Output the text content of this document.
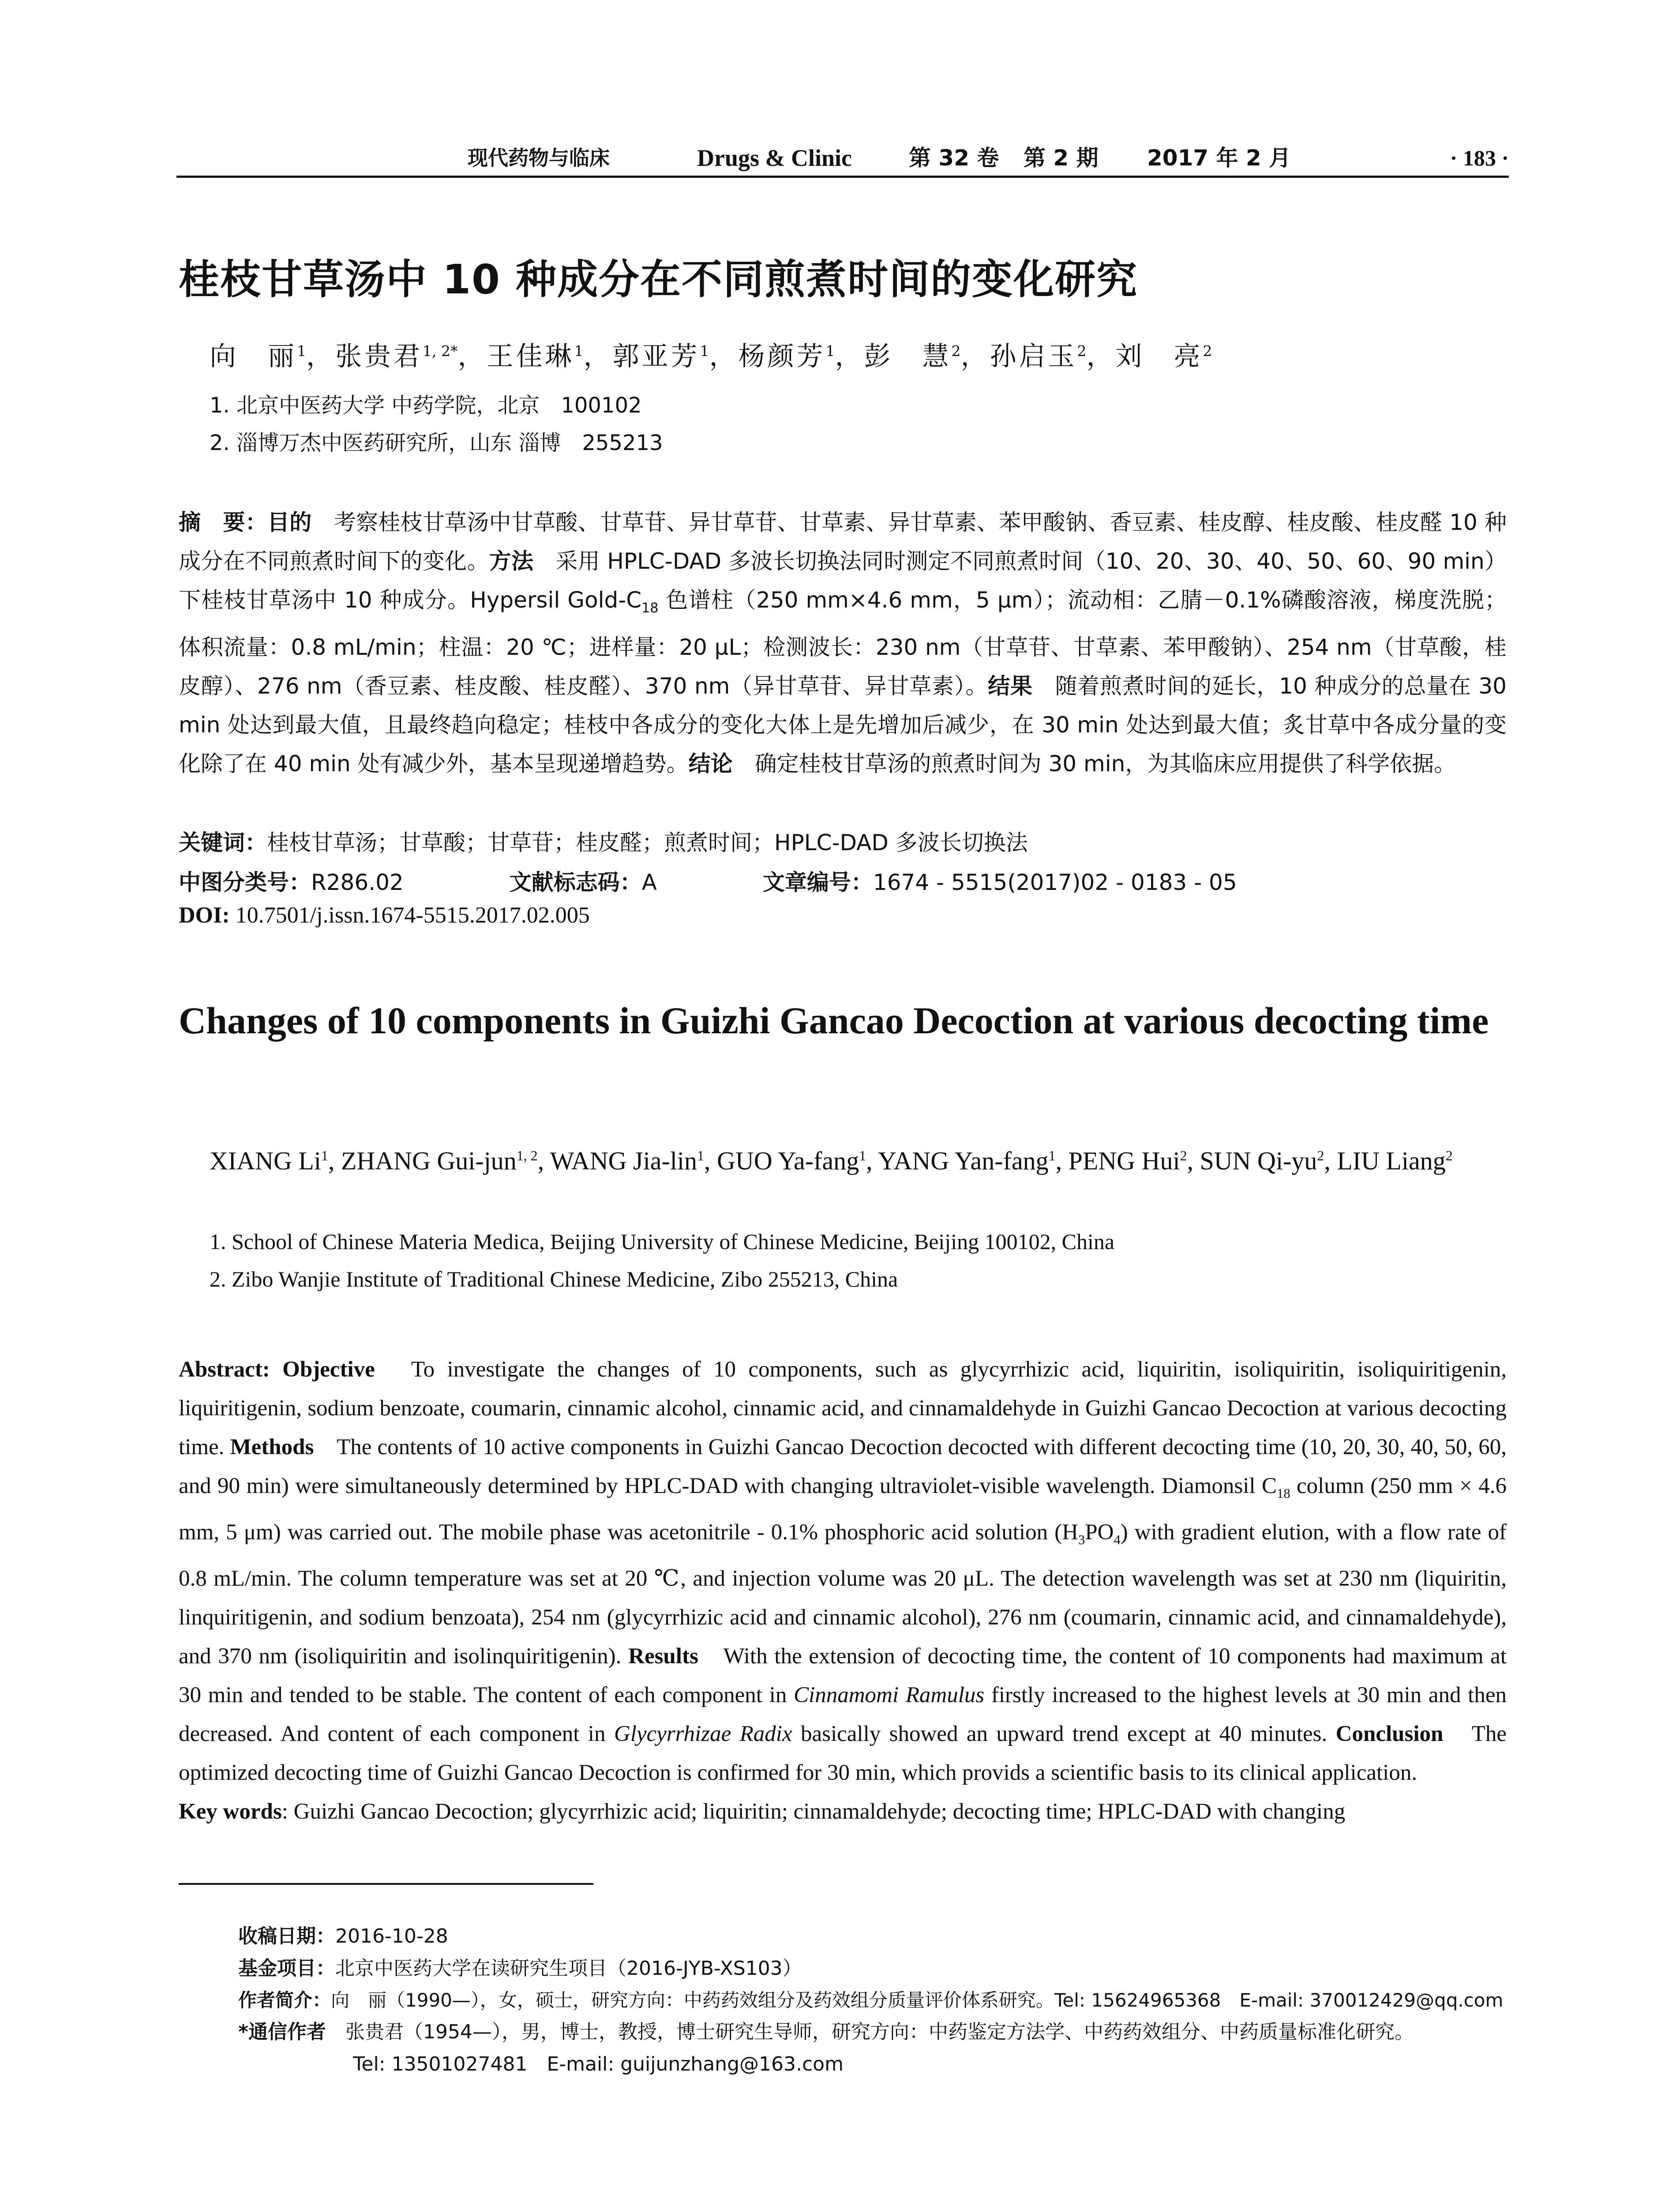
现代药物与临床	Drugs & Clinic	第 32 卷 第 2 期 2017 年 2 月	· 183 ·
桂枝甘草汤中 10 种成分在不同煎煮时间的变化研究
向　丽$^1$，张贵君$^{1, 2*}$，王佳琳$^1$，郭亚芳$^1$，杨颜芳$^1$，彭　慧$^2$，孙启玉$^2$，刘　亮$^2$
1. 北京中医药大学 中药学院，北京　100102
2. 淄博万杰中医药研究所，山东 淄博　255213

摘　要：目的　考察桂枝甘草汤中甘草酸、甘草苷、异甘草苷、甘草素、异甘草素、苯甲酸钠、香豆素、桂皮醇、桂皮酸、桂皮醛 10 种成分在不同煎煮时间下的变化。方法　采用 HPLC-DAD 多波长切换法同时测定不同煎煮时间（10、20、30、40、50、60、90 min）下桂枝甘草汤中 10 种成分。Hypersil Gold-$C_{18}$ 色谱柱（250 mm×4.6 mm，5 μm）；流动相：乙腈－0.1%磷酸溶液，梯度洗脱；体积流量：0.8 mL/min；柱温：20 ℃；进样量：20 μL；检测波长：230 nm（甘草苷、甘草素、苯甲酸钠）、254 nm（甘草酸，桂皮醇）、276 nm（香豆素、桂皮酸、桂皮醛）、370 nm（异甘草苷、异甘草素）。结果　随着煎煮时间的延长，10 种成分的总量在 30 min 处达到最大值，且最终趋向稳定；桂枝中各成分的变化大体上是先增加后减少，在 30 min 处达到最大值；炙甘草中各成分量的变化除了在 40 min 处有减少外，基本呈现递增趋势。结论　确定桂枝甘草汤的煎煮时间为 30 min，为其临床应用提供了科学依据。

关键词：桂枝甘草汤；甘草酸；甘草苷；桂皮醛；煎煮时间；HPLC-DAD 多波长切换法
中图分类号：R286.02	文献标志码：A	文章编号：1674 - 5515(2017)02 - 0183 - 05
DOI: 10.7501/j.issn.1674-5515.2017.02.005
Changes of 10 components in Guizhi Gancao Decoction at various decocting time
XIANG Li$^1$, ZHANG Gui-jun$^{1, 2}$, WANG Jia-lin$^1$, GUO Ya-fang$^1$, YANG Yan-fang$^1$, PENG Hui$^2$, SUN $Qi-yu^2$, LIU Liang$^2$
1. School of Chinese Materia Medica, Beijing University of Chinese Medicine, Beijing 100102, China
2. Zibo Wanjie Institute of Traditional Chinese Medicine, Zibo 255213, China

Abstract: Objective　To investigate the changes of 10 components, such as glycyrrhizic acid, liquiritin, isoliquiritin, isoliquiritigenin, liquiritigenin, sodium benzoate, coumarin, cinnamic alcohol, cinnamic acid, and cinnamaldehyde in Guizhi Gancao Decoction at various decocting time. Methods　The contents of 10 active components in Guizhi Gancao Decoction decocted with different decocting time (10, 20, 30, 40, 50, 60, and 90 min) were simultaneously determined by HPLC-DAD with changing ultraviolet-visible wavelength. Diamonsil $C_{18}$ column (250 mm × 4.6 mm, 5 μm) was carried out. The mobile phase was acetonitrile - 0.1% phosphoric acid solution $(H_3PO_4)$ with gradient elution, with a flow rate of 0.8 mL/min. The column temperature was set at 20 ℃, and injection volume was 20 μL. The detection wavelength was set at 230 nm (liquiritin, linquiritigenin, and sodium benzoata), 254 nm (glycyrrhizic acid and cinnamic alcohol), 276 nm (coumarin, cinnamic acid, and cinnamaldehyde), and 370 nm (isoliquiritin and isolinquiritigenin). Results　With the extension of decocting time, the content of 10 components had maximum at 30 min and tended to be stable. The content of each component in Cinnamomi Ramulus firstly increased to the highest levels at 30 min and then decreased. And content of each component in Glycyrrhizae Radix basically showed an upward trend except at 40 minutes. Conclusion　The optimized decocting time of Guizhi Gancao Decoction is confirmed for 30 min, which provids a scientific basis to its clinical application.
Key words: Guizhi Gancao Decoction; glycyrrhizic acid; liquiritin; cinnamaldehyde; decocting time; HPLC-DAD with changing

收稿日期：2016-10-28
基金项目：北京中医药大学在读研究生项目（2016-JYB-XS103）
作者简介：向　丽（1990—），女，硕士，研究方向：中药药效组分及药效组分质量评价体系研究。Tel: 15624965368　E-mail: 370012429@qq.com
*通信作者　张贵君（1954—），男，博士，教授，博士研究生导师，研究方向：中药鉴定方法学、中药药效组分、中药质量标准化研究。
Tel: 13501027481　E-mail: guijunzhang@163.com
